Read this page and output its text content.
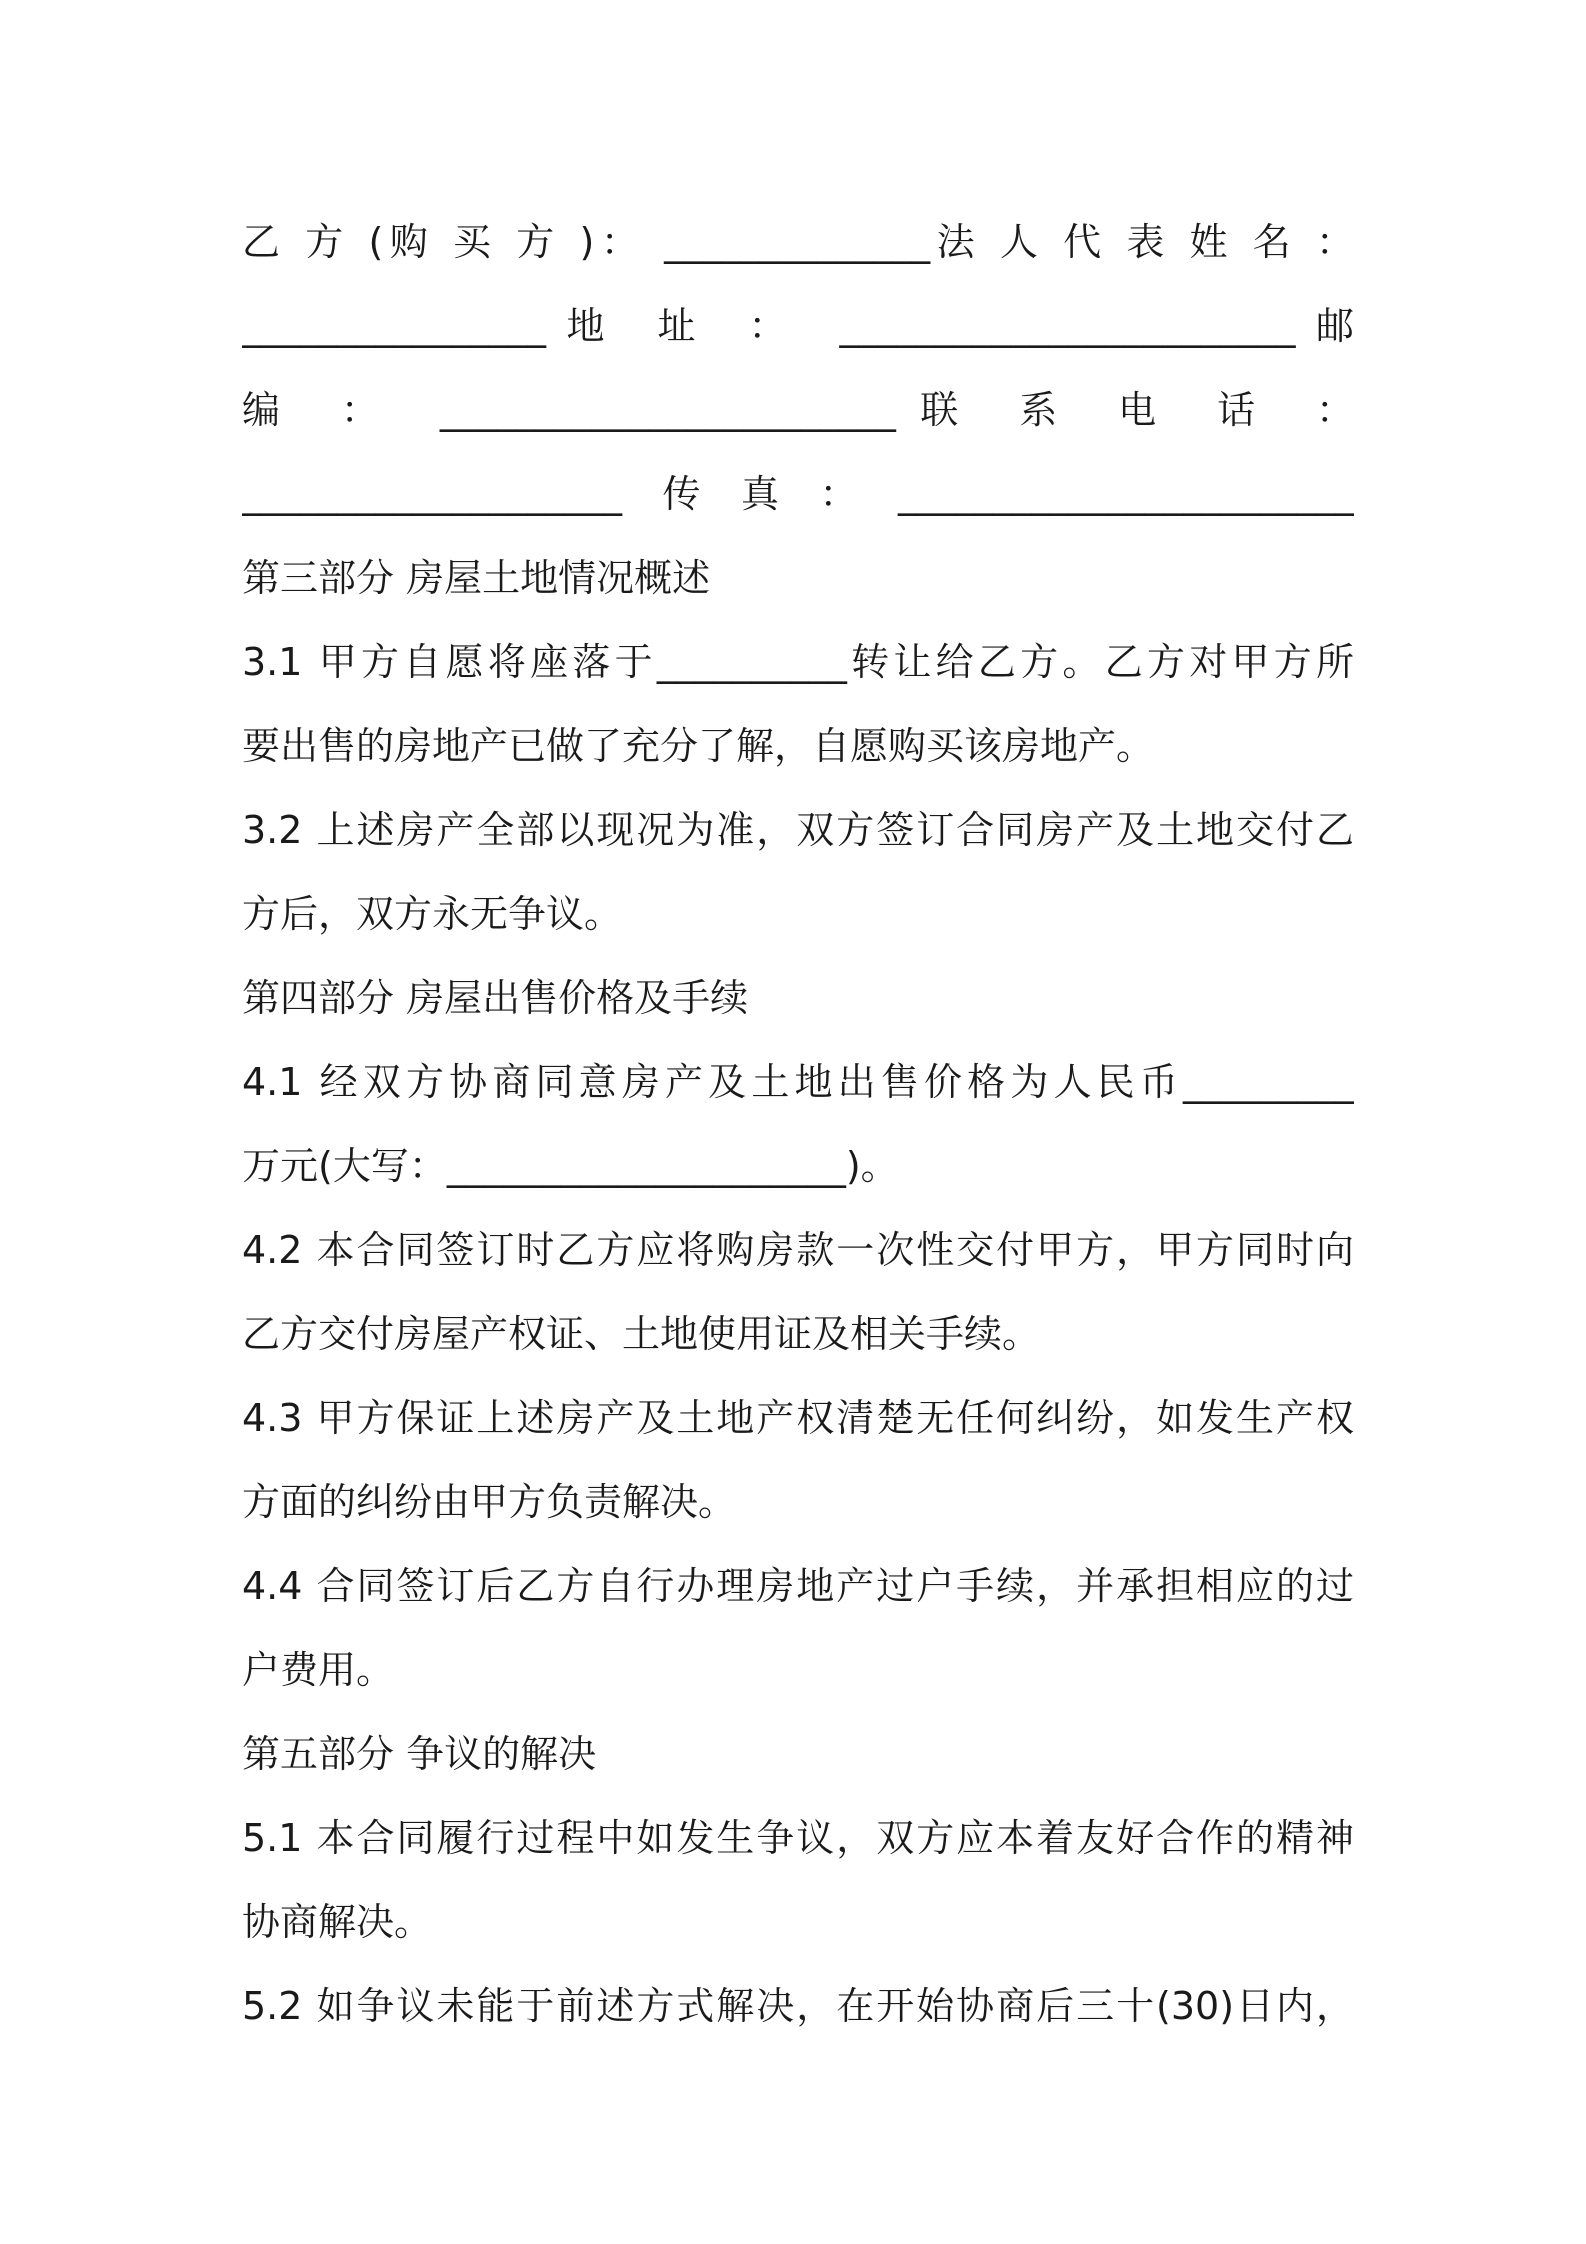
乙 方 (购 买 方 )： ______________法 人 代 表 姓 名 ：
________________地 址 ： ________________________邮
编 ： ________________________联 系 电 话 ：
____________________传真：________________________
第三部分 房屋土地情况概述
3.1 甲方自愿将座落于__________转让给乙方。乙方对甲方所
要出售的房地产已做了充分了解，自愿购买该房地产。
3.2 上述房产全部以现况为准，双方签订合同房产及土地交付乙
方后，双方永无争议。
第四部分 房屋出售价格及手续
4.1 经双方协商同意房产及土地出售价格为人民币_________
万元(大写：_____________________)。
4.2 本合同签订时乙方应将购房款一次性交付甲方，甲方同时向
乙方交付房屋产权证、土地使用证及相关手续。
4.3 甲方保证上述房产及土地产权清楚无任何纠纷，如发生产权
方面的纠纷由甲方负责解决。
4.4 合同签订后乙方自行办理房地产过户手续，并承担相应的过
户费用。
第五部分 争议的解决
5.1 本合同履行过程中如发生争议，双方应本着友好合作的精神
协商解决。
5.2 如争议未能于前述方式解决，在开始协商后三十(30)日内，
